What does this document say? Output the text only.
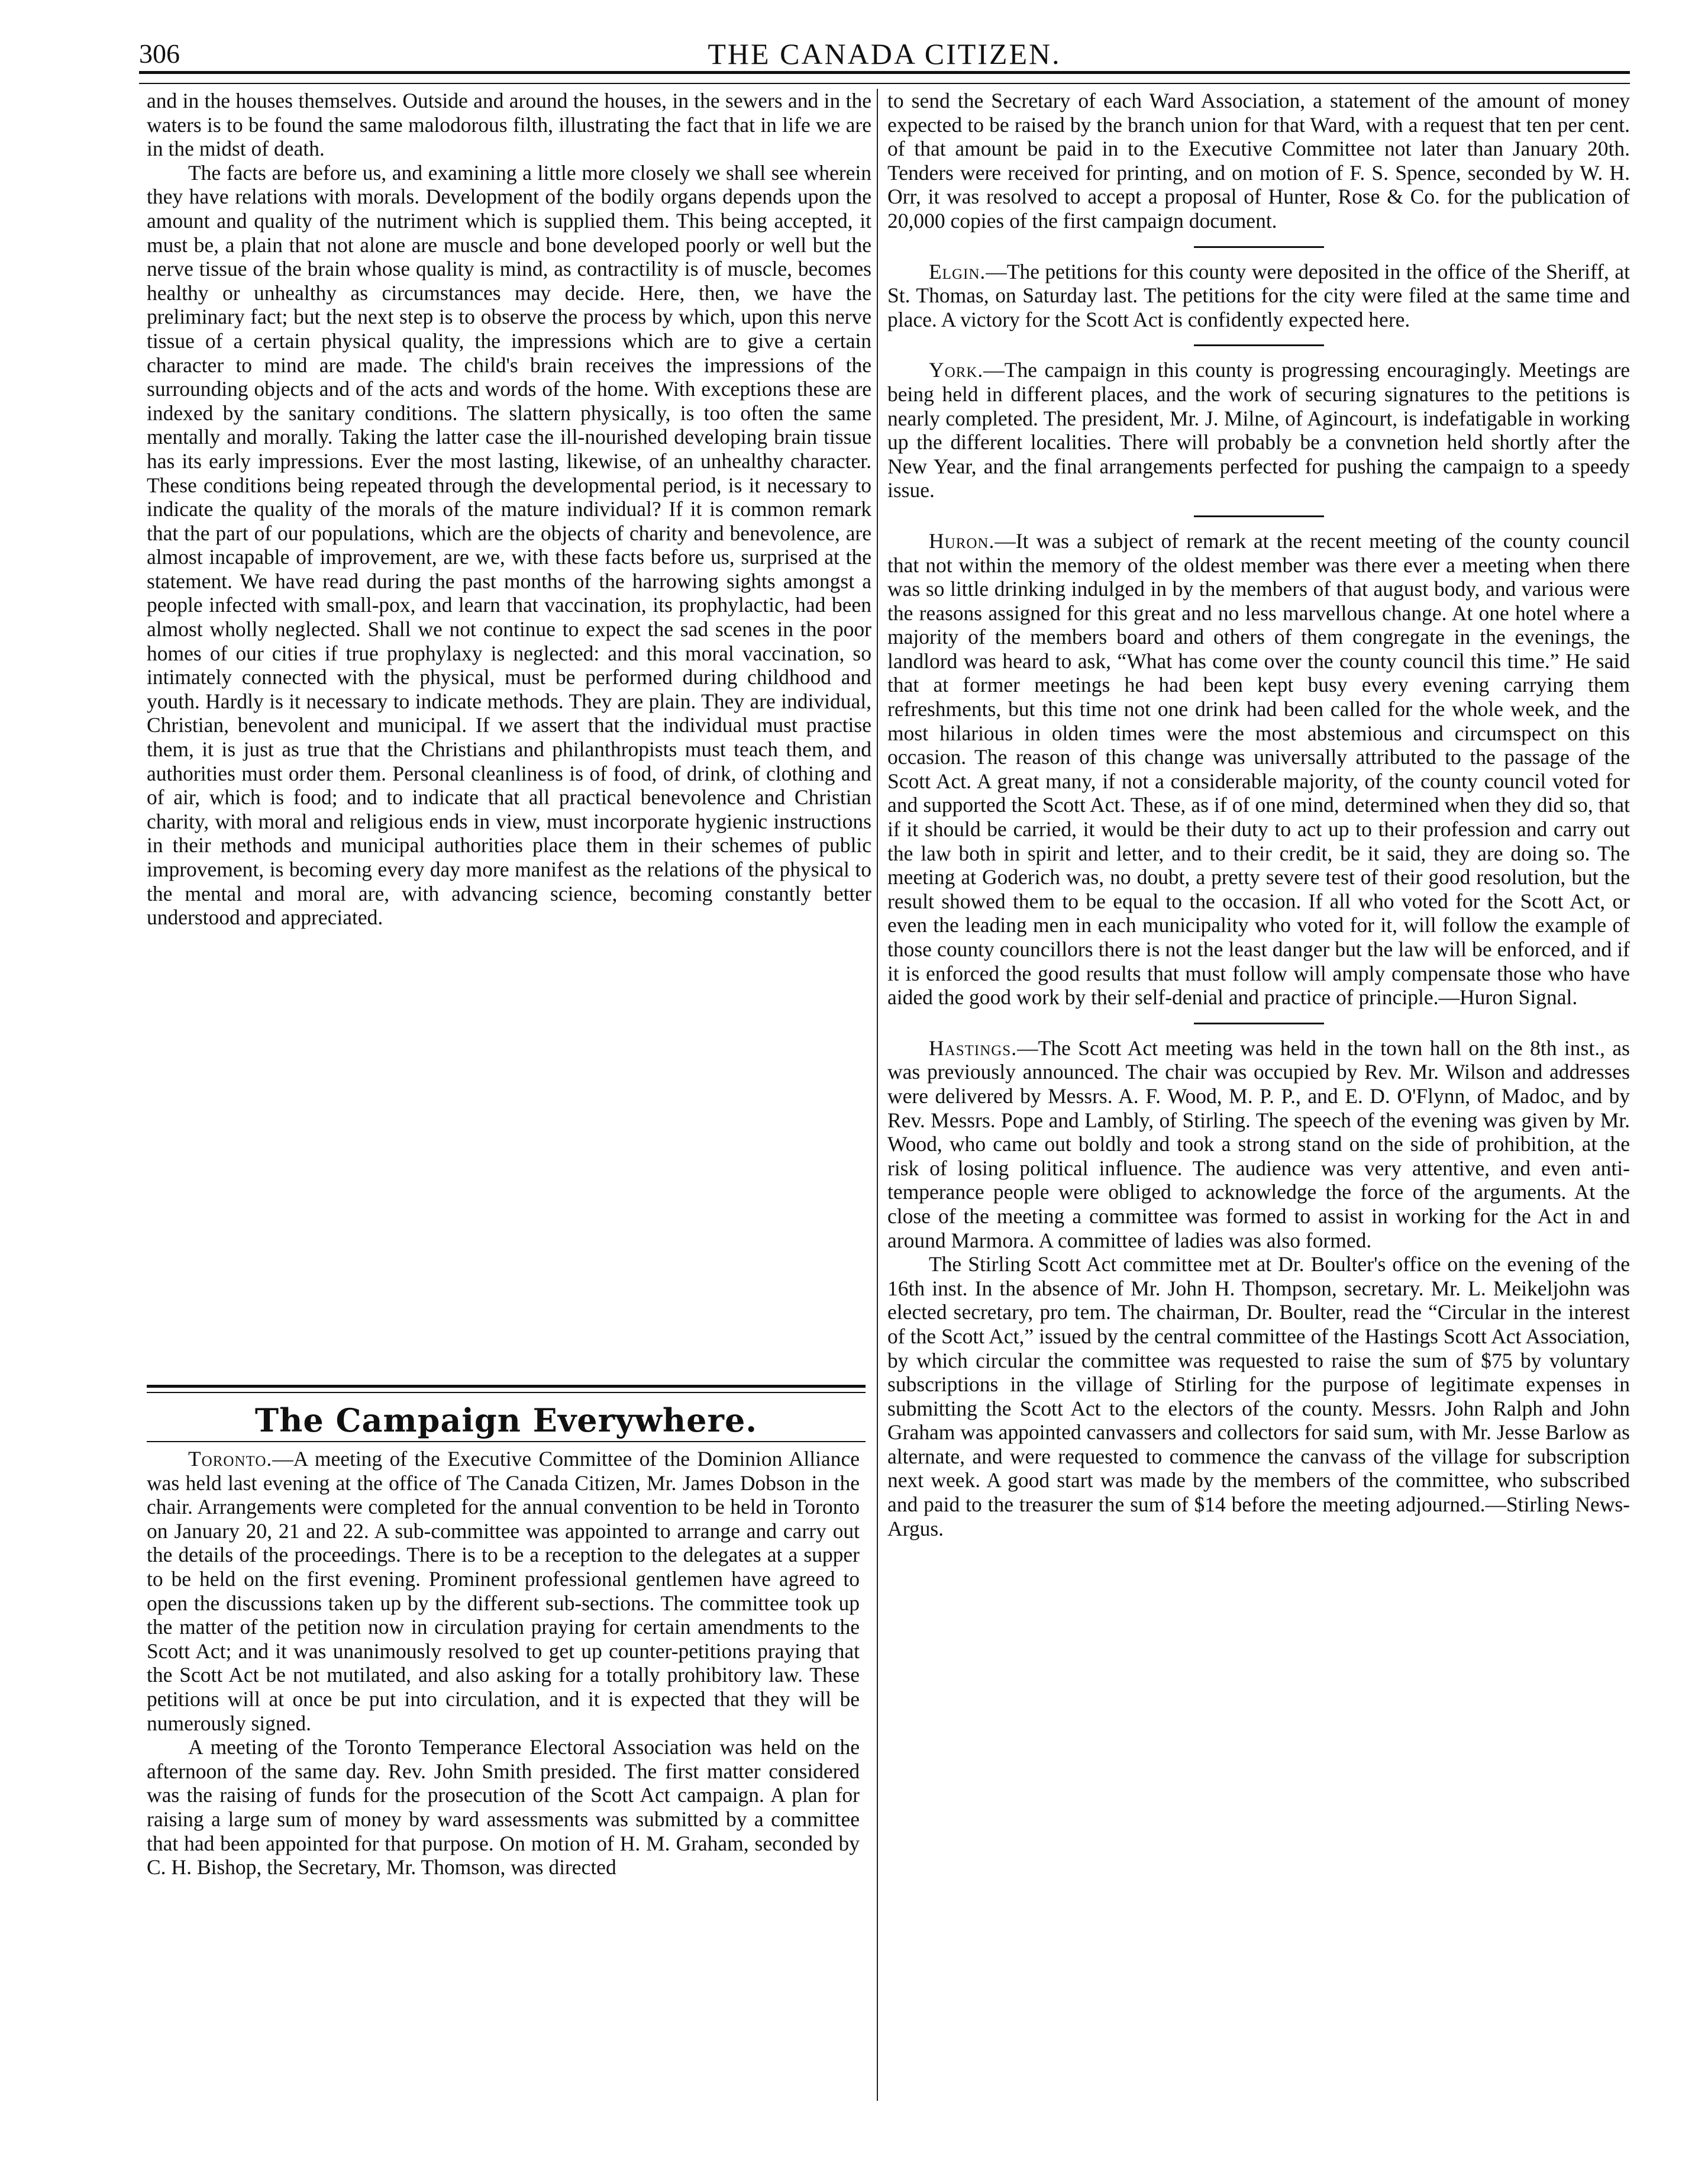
306	THE CANADA CITIZEN.

and in the houses themselves. Outside and around the houses, in the sewers and in the waters is to be found the same malodorous filth, illustrating the fact that in life we are in the midst of death.

The facts are before us, and examining a little more closely we shall see wherein they have relations with morals. Development of the bodily organs depends upon the amount and quality of the nutriment which is supplied them. This being accepted, it must be, a plain that not alone are muscle and bone developed poorly or well but the nerve tissue of the brain whose quality is mind, as contractility is of muscle, becomes healthy or unhealthy as circumstances may decide. Here, then, we have the preliminary fact; but the next step is to observe the process by which, upon this nerve tissue of a certain physical quality, the impressions which are to give a certain character to mind are made. The child's brain receives the impressions of the surrounding objects and of the acts and words of the home. With exceptions these are indexed by the sanitary conditions. The slattern physically, is too often the same mentally and morally. Taking the latter case the ill-nourished developing brain tissue has its early impressions. Ever the most lasting, likewise, of an unhealthy character. These conditions being repeated through the developmental period, is it necessary to indicate the quality of the morals of the mature individual? If it is common remark that the part of our populations, which are the objects of charity and benevolence, are almost incapable of improvement, are we, with these facts before us, surprised at the statement. We have read during the past months of the harrowing sights amongst a people infected with small-pox, and learn that vaccination, its prophylactic, had been almost wholly neglected. Shall we not continue to expect the sad scenes in the poor homes of our cities if true prophylaxy is neglected: and this moral vaccination, so intimately connected with the physical, must be performed during childhood and youth. Hardly is it necessary to indicate methods. They are plain. They are individual, Christian, benevolent and municipal. If we assert that the individual must practise them, it is just as true that the Christians and philanthropists must teach them, and authorities must order them. Personal cleanliness is of food, of drink, of clothing and of air, which is food; and to indicate that all practical benevolence and Christian charity, with moral and religious ends in view, must incorporate hygienic instructions in their methods and municipal authorities place them in their schemes of public improvement, is becoming every day more manifest as the relations of the physical to the mental and moral are, with advancing science, becoming constantly better understood and appreciated.

The Campaign Everywhere.

Toronto.—A meeting of the Executive Committee of the Dominion Alliance was held last evening at the office of The Canada Citizen, Mr. James Dobson in the chair. Arrangements were completed for the annual convention to be held in Toronto on January 20, 21 and 22. A sub-committee was appointed to arrange and carry out the details of the proceedings. There is to be a reception to the delegates at a supper to be held on the first evening. Prominent professional gentlemen have agreed to open the discussions taken up by the different sub-sections. The committee took up the matter of the petition now in circulation praying for certain amendments to the Scott Act; and it was unanimously resolved to get up counter-petitions praying that the Scott Act be not mutilated, and also asking for a totally prohibitory law. These petitions will at once be put into circulation, and it is expected that they will be numerously signed.

A meeting of the Toronto Temperance Electoral Association was held on the afternoon of the same day. Rev. John Smith presided. The first matter considered was the raising of funds for the prosecution of the Scott Act campaign. A plan for raising a large sum of money by ward assessments was submitted by a committee that had been appointed for that purpose. On motion of H. M. Graham, seconded by C. H. Bishop, the Secretary, Mr. Thomson, was directed

to send the Secretary of each Ward Association, a statement of the amount of money expected to be raised by the branch union for that Ward, with a request that ten per cent. of that amount be paid in to the Executive Committee not later than January 20th. Tenders were received for printing, and on motion of F. S. Spence, seconded by W. H. Orr, it was resolved to accept a proposal of Hunter, Rose & Co. for the publication of 20,000 copies of the first campaign document.

Elgin.—The petitions for this county were deposited in the office of the Sheriff, at St. Thomas, on Saturday last. The petitions for the city were filed at the same time and place. A victory for the Scott Act is confidently expected here.

York.—The campaign in this county is progressing encouragingly. Meetings are being held in different places, and the work of securing signatures to the petitions is nearly completed. The president, Mr. J. Milne, of Agincourt, is indefatigable in working up the different localities. There will probably be a convnetion held shortly after the New Year, and the final arrangements perfected for pushing the campaign to a speedy issue.

Huron.—It was a subject of remark at the recent meeting of the county council that not within the memory of the oldest member was there ever a meeting when there was so little drinking indulged in by the members of that august body, and various were the reasons assigned for this great and no less marvellous change. At one hotel where a majority of the members board and others of them congregate in the evenings, the landlord was heard to ask, “What has come over the county council this time.” He said that at former meetings he had been kept busy every evening carrying them refreshments, but this time not one drink had been called for the whole week, and the most hilarious in olden times were the most abstemious and circumspect on this occasion. The reason of this change was universally attributed to the passage of the Scott Act. A great many, if not a considerable majority, of the county council voted for and supported the Scott Act. These, as if of one mind, determined when they did so, that if it should be carried, it would be their duty to act up to their profession and carry out the law both in spirit and letter, and to their credit, be it said, they are doing so. The meeting at Goderich was, no doubt, a pretty severe test of their good resolution, but the result showed them to be equal to the occasion. If all who voted for the Scott Act, or even the leading men in each municipality who voted for it, will follow the example of those county councillors there is not the least danger but the law will be enforced, and if it is enforced the good results that must follow will amply compensate those who have aided the good work by their self-denial and practice of principle.—Huron Signal.

Hastings.—The Scott Act meeting was held in the town hall on the 8th inst., as was previously announced. The chair was occupied by Rev. Mr. Wilson and addresses were delivered by Messrs. A. F. Wood, M. P. P., and E. D. O'Flynn, of Madoc, and by Rev. Messrs. Pope and Lambly, of Stirling. The speech of the evening was given by Mr. Wood, who came out boldly and took a strong stand on the side of prohibition, at the risk of losing political influence. The audience was very attentive, and even anti-temperance people were obliged to acknowledge the force of the arguments. At the close of the meeting a committee was formed to assist in working for the Act in and around Marmora. A committee of ladies was also formed.

The Stirling Scott Act committee met at Dr. Boulter's office on the evening of the 16th inst. In the absence of Mr. John H. Thompson, secretary. Mr. L. Meikeljohn was elected secretary, pro tem. The chairman, Dr. Boulter, read the “Circular in the interest of the Scott Act,” issued by the central committee of the Hastings Scott Act Association, by which circular the committee was requested to raise the sum of $75 by voluntary subscriptions in the village of Stirling for the purpose of legitimate expenses in submitting the Scott Act to the electors of the county. Messrs. John Ralph and John Graham was appointed canvassers and collectors for said sum, with Mr. Jesse Barlow as alternate, and were requested to commence the canvass of the village for subscription next week. A good start was made by the members of the committee, who subscribed and paid to the treasurer the sum of $14 before the meeting adjourned.—Stirling News-Argus.
